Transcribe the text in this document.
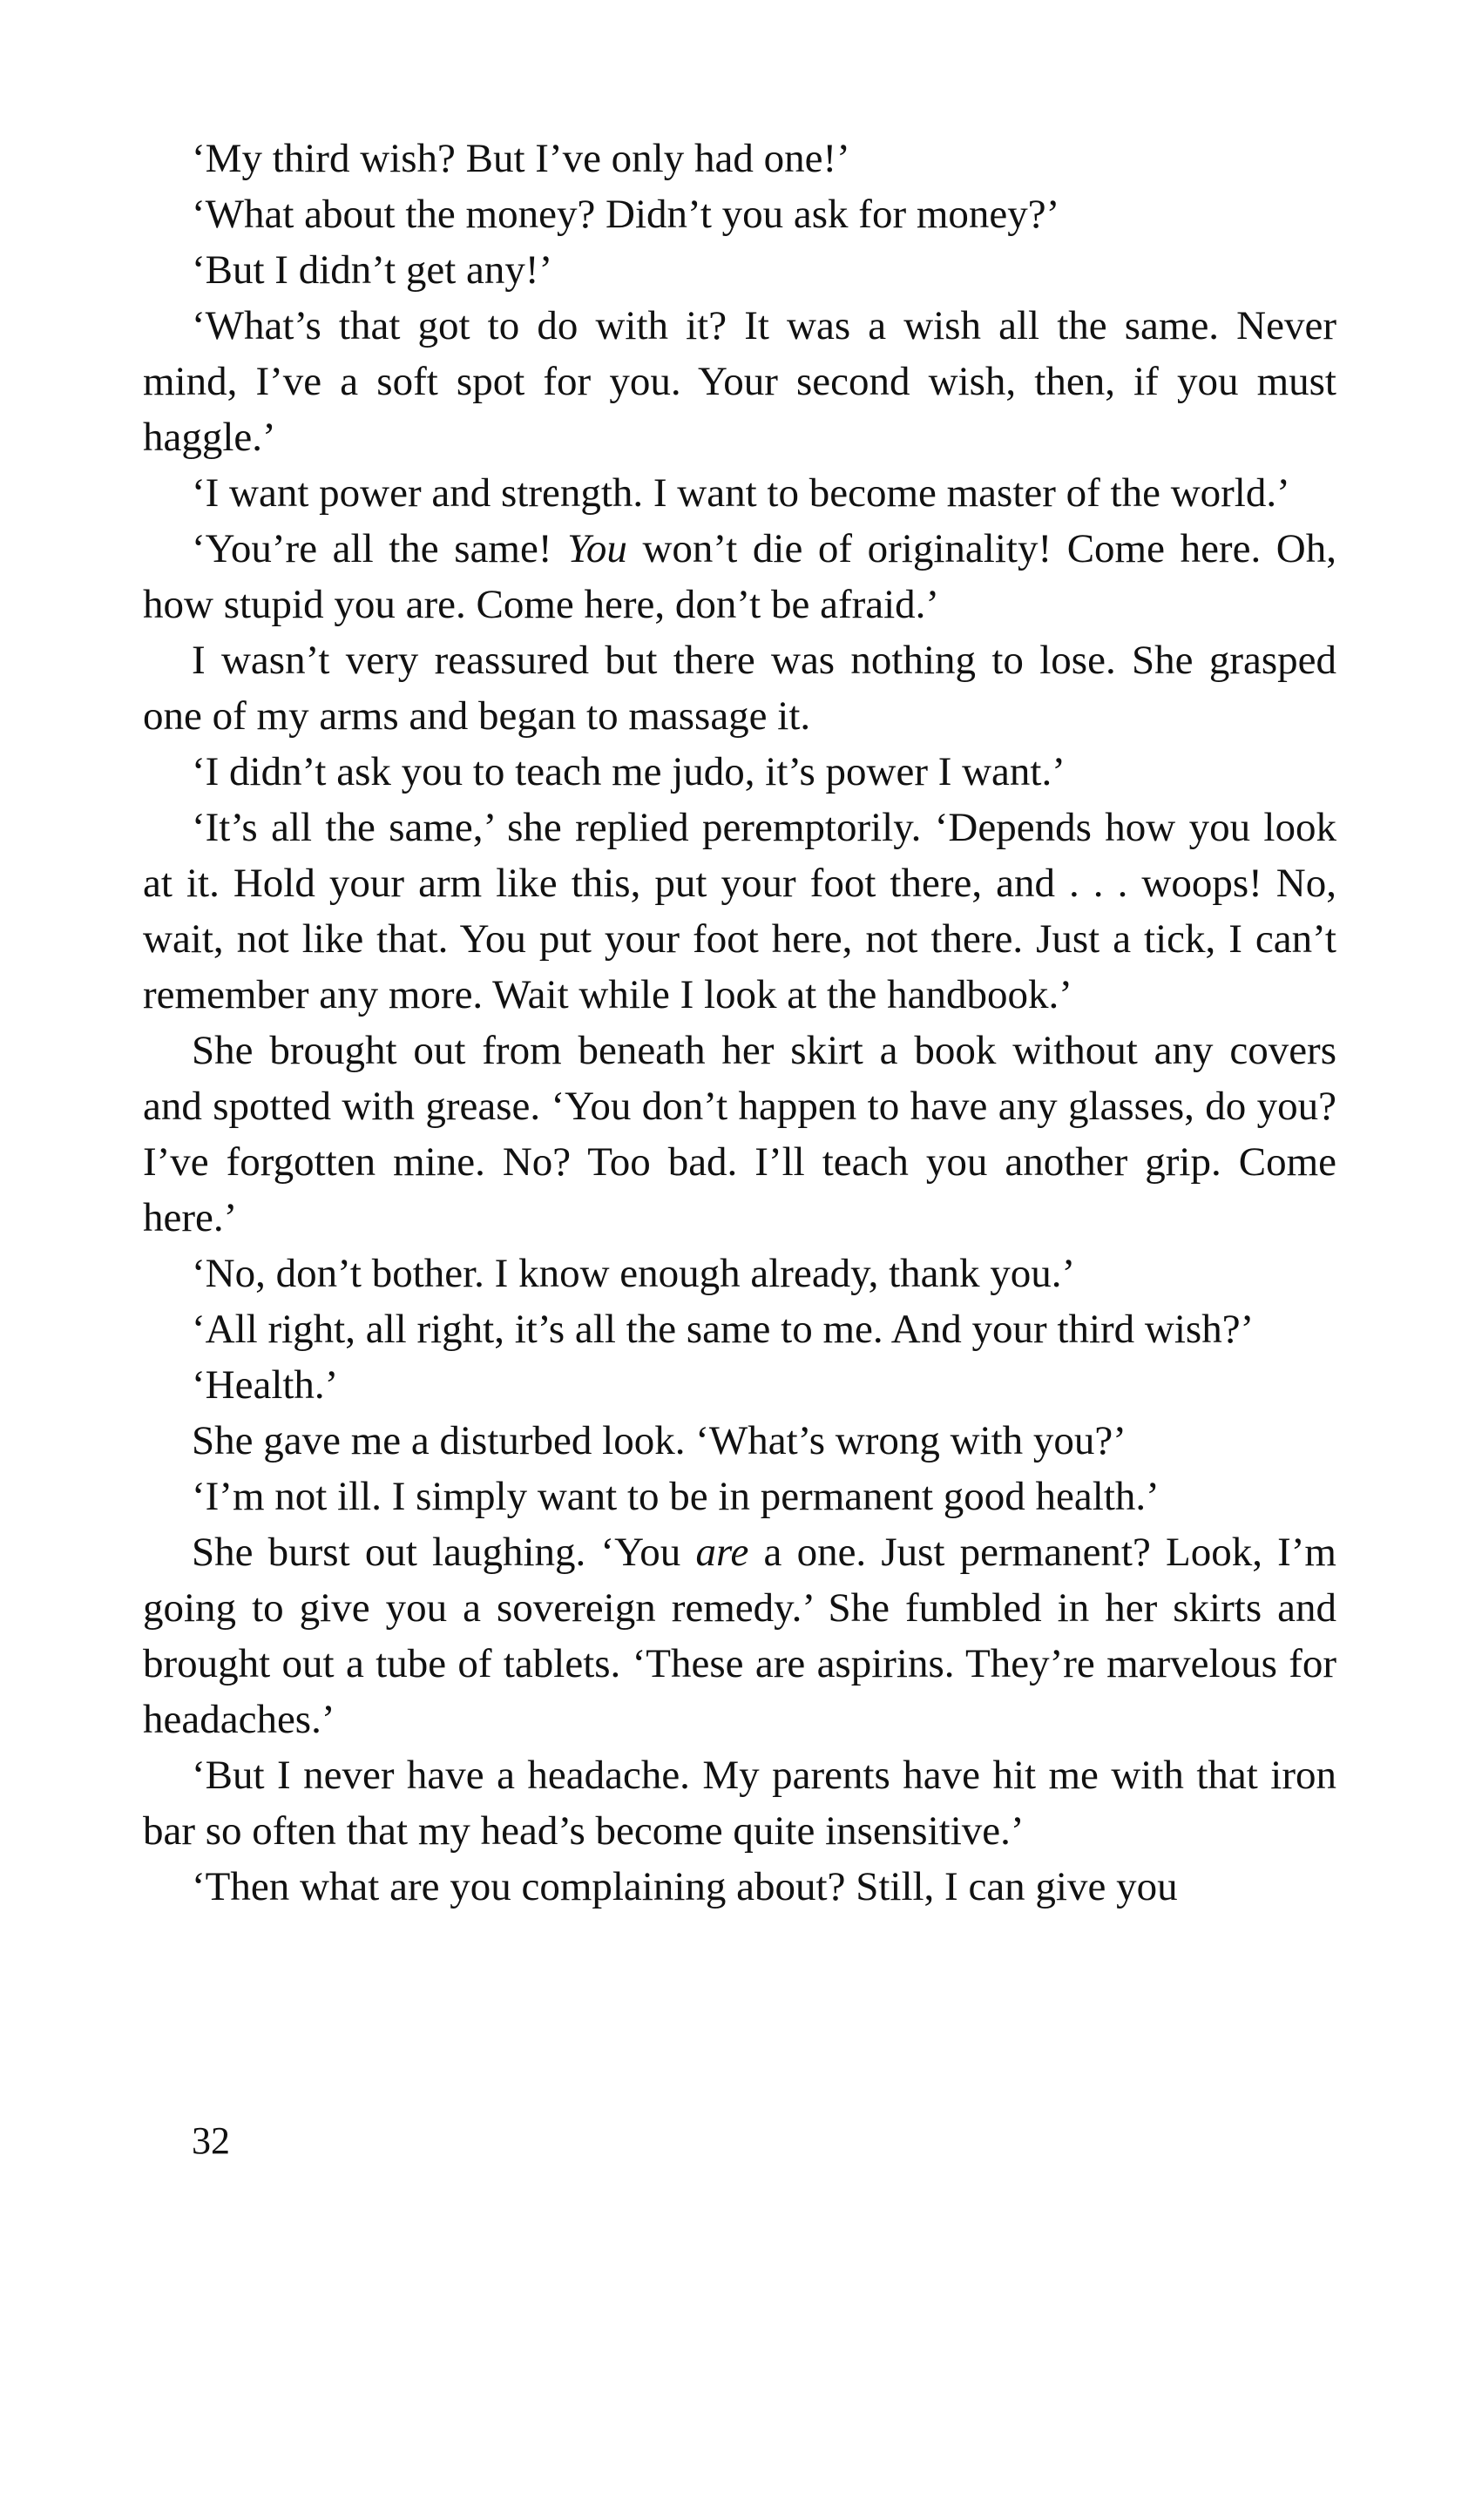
‘My third wish? But I’ve only had one!’

‘What about the money? Didn’t you ask for money?’

‘But I didn’t get any!’

‘What’s that got to do with it? It was a wish all the same. Never mind, I’ve a soft spot for you. Your second wish, then, if you must haggle.’

‘I want power and strength. I want to become master of the world.’

‘You’re all the same! You won’t die of originality! Come here. Oh, how stupid you are. Come here, don’t be afraid.’

I wasn’t very reassured but there was nothing to lose. She grasped one of my arms and began to massage it.

‘I didn’t ask you to teach me judo, it’s power I want.’

‘It’s all the same,’ she replied peremptorily. ‘Depends how you look at it. Hold your arm like this, put your foot there, and . . . woops! No, wait, not like that. You put your foot here, not there. Just a tick, I can’t remember any more. Wait while I look at the handbook.’

She brought out from beneath her skirt a book without any covers and spotted with grease. ‘You don’t happen to have any glasses, do you? I’ve forgotten mine. No? Too bad. I’ll teach you another grip. Come here.’

‘No, don’t bother. I know enough already, thank you.’

‘All right, all right, it’s all the same to me. And your third wish?’

‘Health.’

She gave me a disturbed look. ‘What’s wrong with you?’

‘I’m not ill. I simply want to be in permanent good health.’

She burst out laughing. ‘You are a one. Just permanent? Look, I’m going to give you a sovereign remedy.’ She fumbled in her skirts and brought out a tube of tablets. ‘These are aspirins. They’re marvelous for headaches.’

‘But I never have a headache. My parents have hit me with that iron bar so often that my head’s become quite insensitive.’

‘Then what are you complaining about? Still, I can give you

32
